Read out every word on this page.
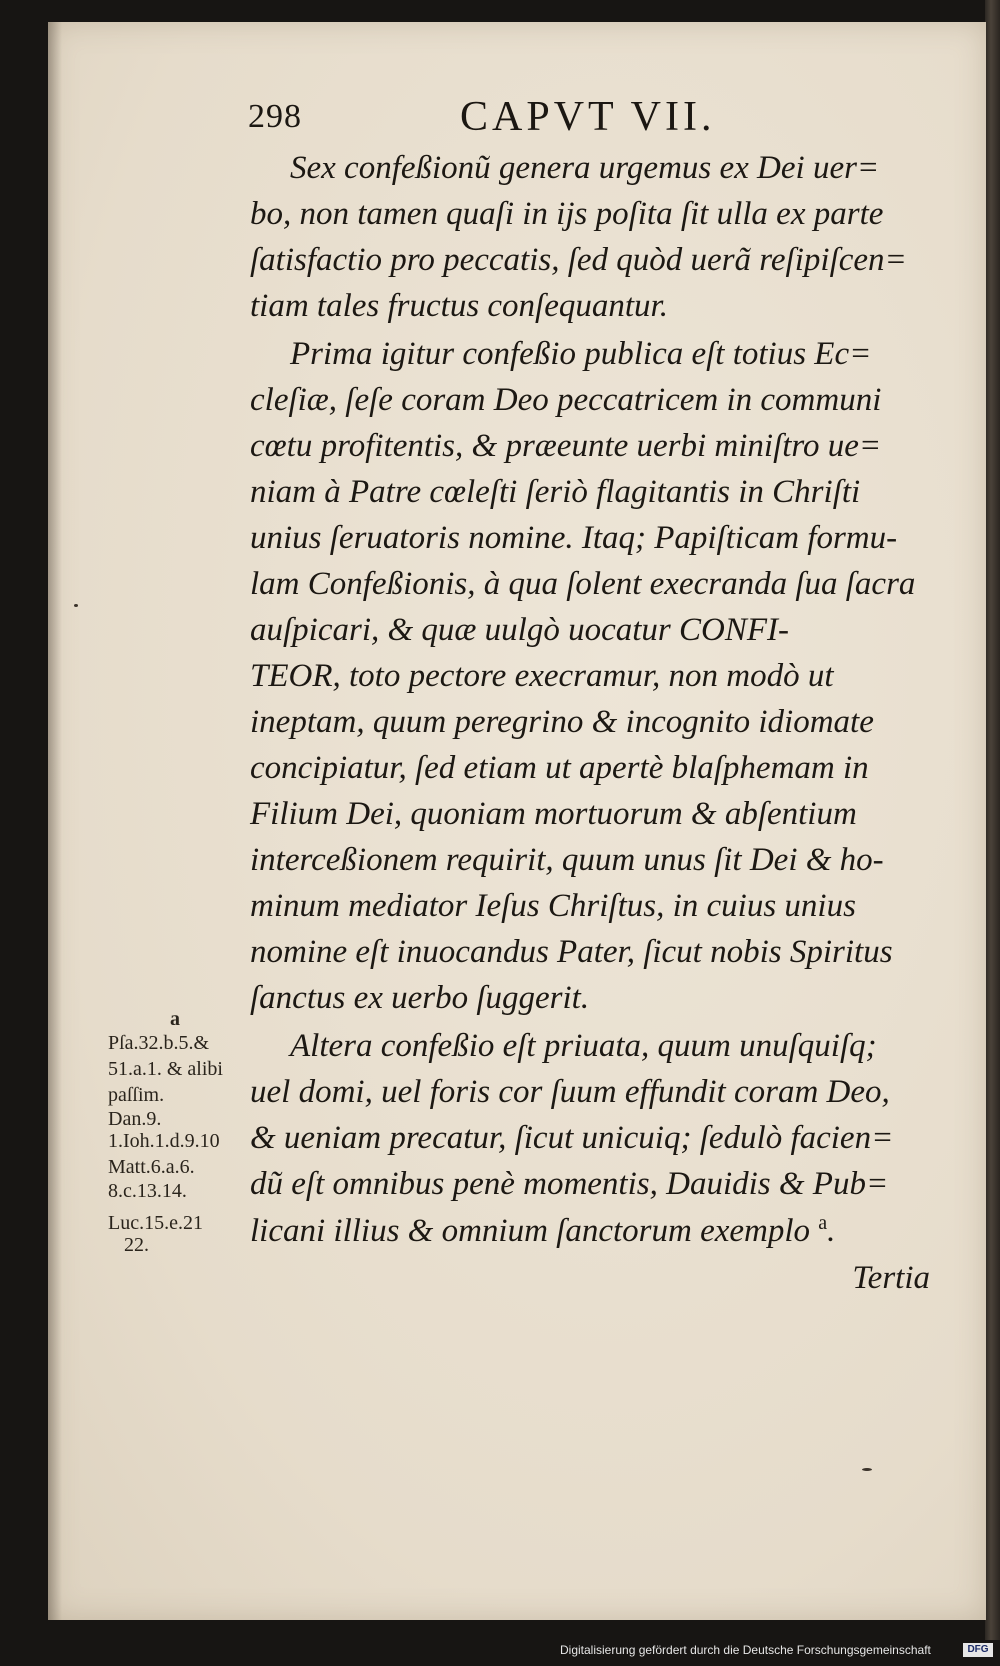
298	CAPVT VII.
Sex confeßionũ genera urgemus ex Dei uer=
bo, non tamen quaſi in ijs poſita ſit ulla ex parte
ſatisfactio pro peccatis, ſed quòd uerã reſipiſcen=
tiam tales fructus conſequantur.
Prima igitur confeßio publica eſt totius Ec=
cleſiæ, ſeſe coram Deo peccatricem in communi
cœtu profitentis, & præeunte uerbi miniſtro ue=
niam à Patre cœleſti ſeriò flagitantis in Chriſti
unius ſeruatoris nomine. Itaq; Papiſticam formu-
lam Confeßionis, à qua ſolent execranda ſua ſacra
auſpicari, & quæ uulgò uocatur CONFI-
TEOR, toto pectore execramur, non modò ut
ineptam, quum peregrino & incognito idiomate
concipiatur, ſed etiam ut apertè blaſphemam in
Filium Dei, quoniam mortuorum & abſentium
interceßionem requirit, quum unus ſit Dei & ho-
minum mediator Ieſus Chriſtus, in cuius unius
nomine eſt inuocandus Pater, ſicut nobis Spiritus
ſanctus ex uerbo ſuggerit.
Altera confeßio eſt priuata, quum unuſquiſq;
uel domi, uel foris cor ſuum effundit coram Deo,
& ueniam precatur, ſicut unicuiq; ſedulò facien=
dũ eſt omnibus penè momentis, Dauidis & Pub=
licani illius & omnium ſanctorum exemplo $^a$.
Tertia
a
Pſa.32.b.5.&
51.a.1. & alibi
paſſim.
Dan.9.
1.Ioh.1.d.9.10
Matt.6.a.6.
8.c.13.14.
Luc.15.e.21
22.
Digitalisierung gefördert durch die Deutsche Forschungsgemeinschaft	DFG
